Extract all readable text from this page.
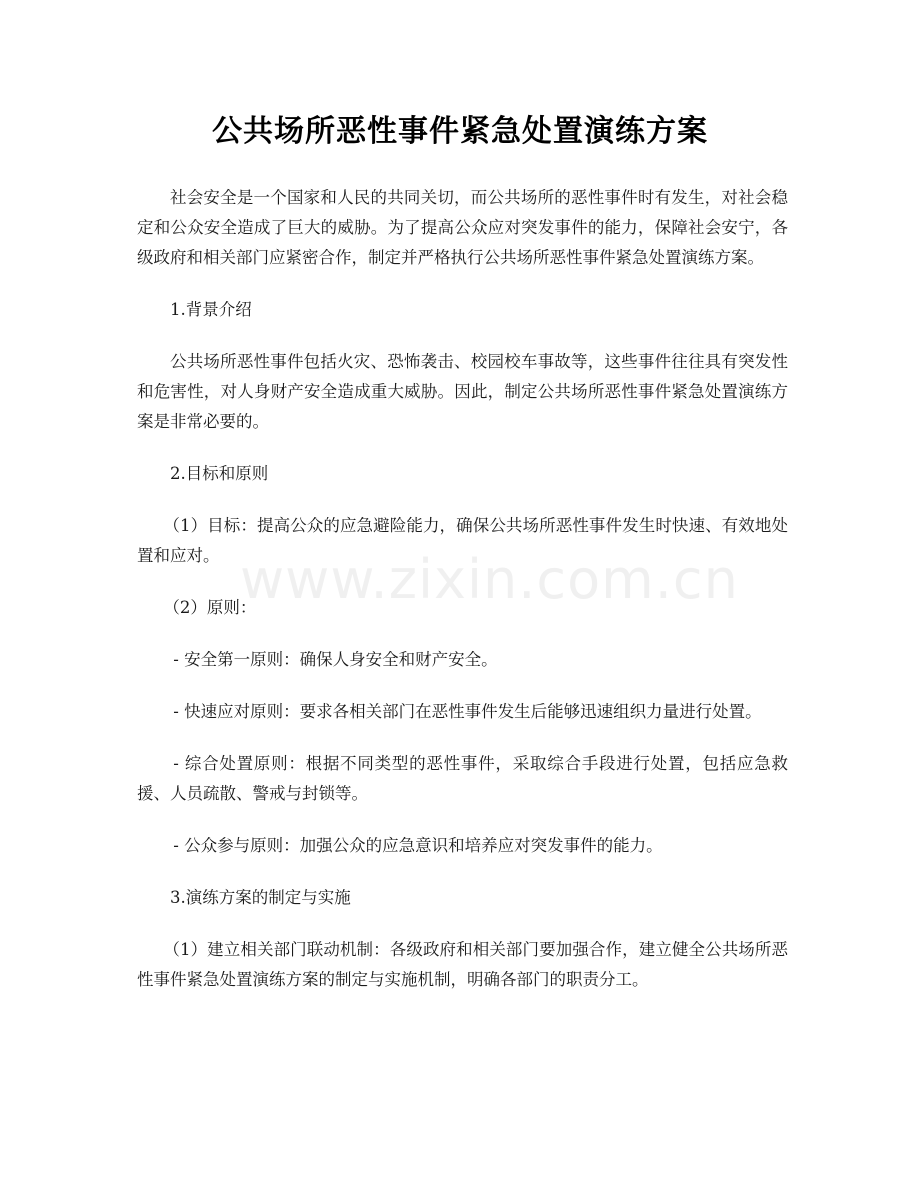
公共场所恶性事件紧急处置演练方案
www.zixin.com.cn

社会安全是一个国家和人民的共同关切，而公共场所的恶性事件时有发生，对社会稳定和公众安全造成了巨大的威胁。为了提高公众应对突发事件的能力，保障社会安宁，各级政府和相关部门应紧密合作，制定并严格执行公共场所恶性事件紧急处置演练方案。

1.背景介绍

公共场所恶性事件包括火灾、恐怖袭击、校园校车事故等，这些事件往往具有突发性和危害性，对人身财产安全造成重大威胁。因此，制定公共场所恶性事件紧急处置演练方案是非常必要的。

2.目标和原则

（1）目标：提高公众的应急避险能力，确保公共场所恶性事件发生时快速、有效地处置和应对。

（2）原则：

- 安全第一原则：确保人身安全和财产安全。

- 快速应对原则：要求各相关部门在恶性事件发生后能够迅速组织力量进行处置。

- 综合处置原则：根据不同类型的恶性事件，采取综合手段进行处置，包括应急救援、人员疏散、警戒与封锁等。

- 公众参与原则：加强公众的应急意识和培养应对突发事件的能力。

3.演练方案的制定与实施

（1）建立相关部门联动机制：各级政府和相关部门要加强合作，建立健全公共场所恶性事件紧急处置演练方案的制定与实施机制，明确各部门的职责分工。
